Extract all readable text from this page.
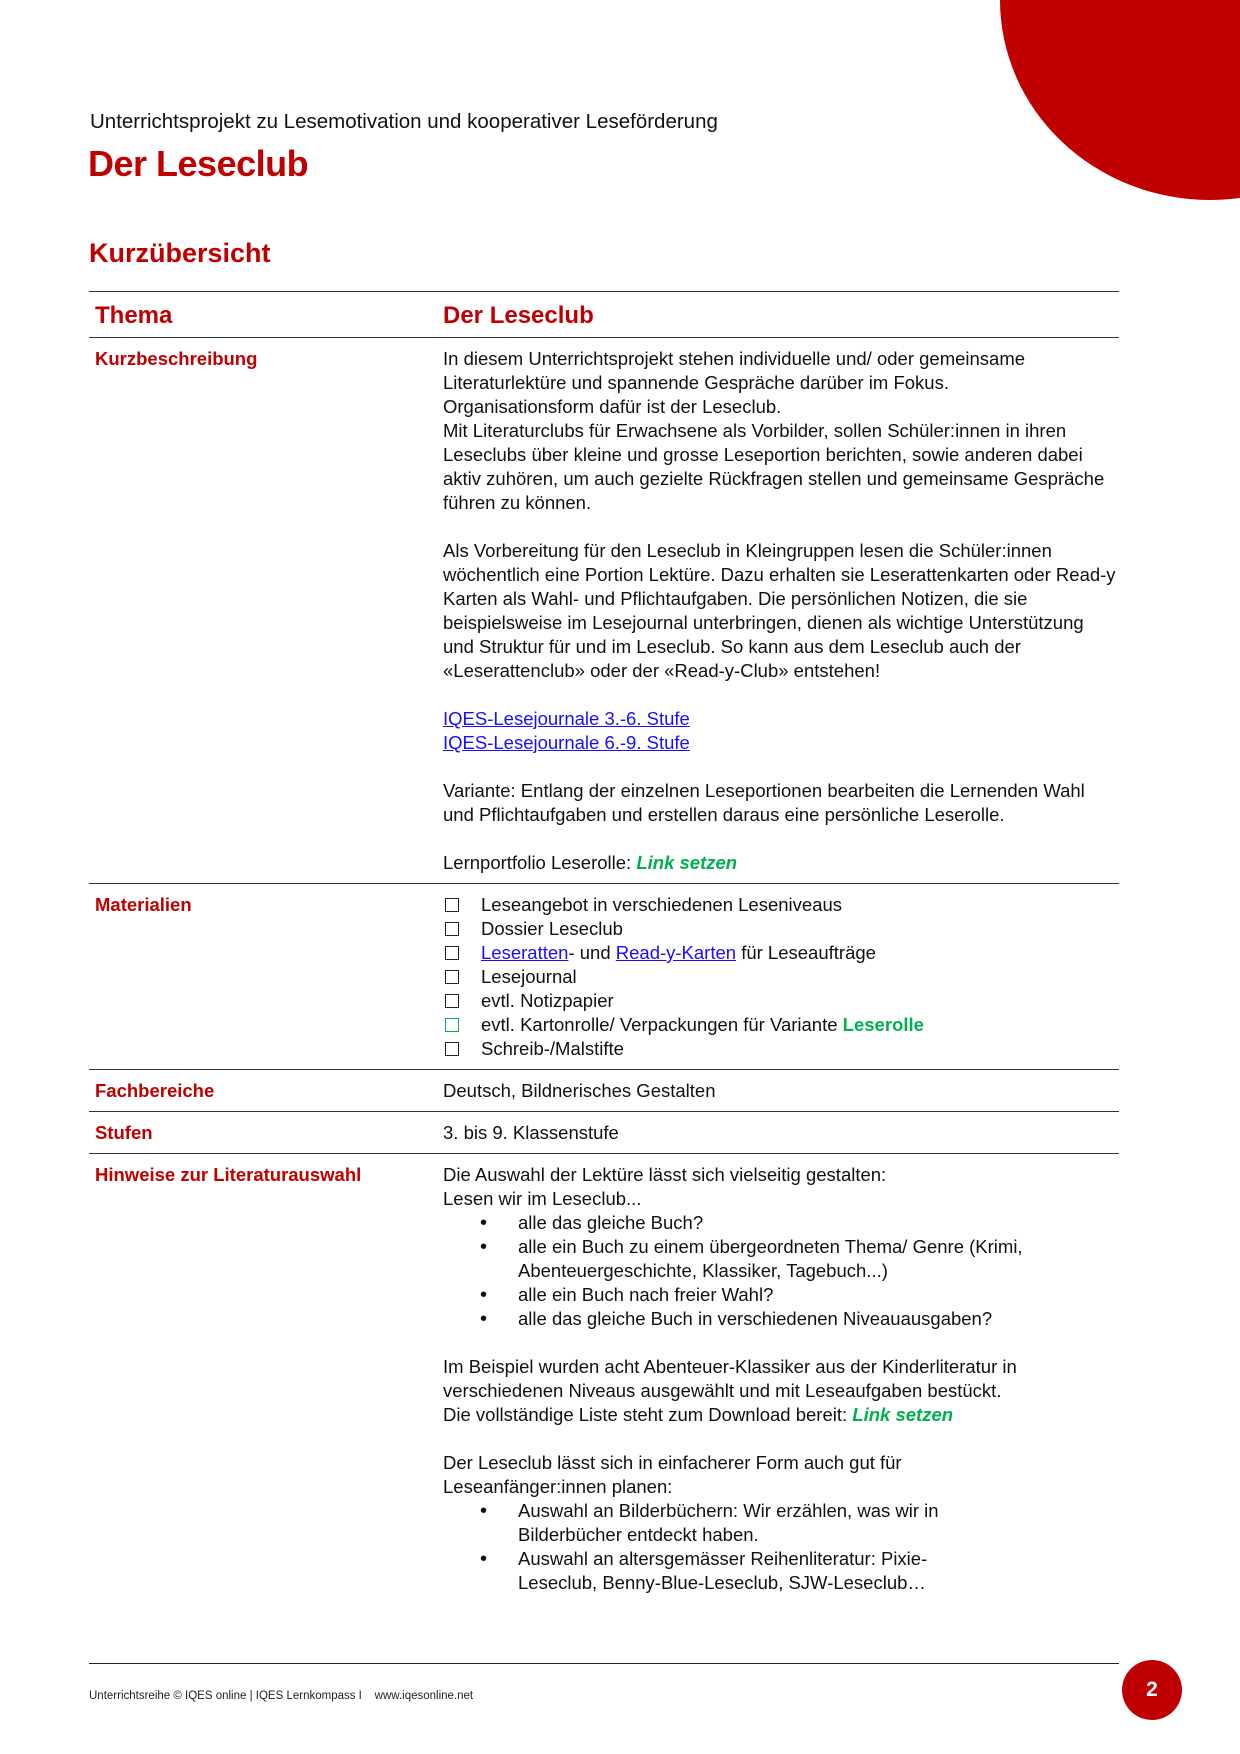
Unterrichtsprojekt zu Lesemotivation und kooperativer Leseförderung
Der Leseclub
Kurzübersicht
Thema	Der Leseclub
Kurzbeschreibung	In diesem Unterrichtsprojekt stehen individuelle und/ oder gemeinsame

Literaturlektüre und spannende Gespräche darüber im Fokus.

Organisationsform dafür ist der Leseclub.

Mit Literaturclubs für Erwachsene als Vorbilder, sollen Schüler:innen in ihren Leseclubs über kleine und grosse Leseportion berichten, sowie anderen dabei aktiv zuhören, um auch gezielte Rückfragen stellen und gemeinsame Gespräche führen zu können.

Als Vorbereitung für den Leseclub in Kleingruppen lesen die Schüler:innen wöchentlich eine Portion Lektüre. Dazu erhalten sie Leserattenkarten oder Read-y Karten als Wahl- und Pflichtaufgaben. Die persönlichen Notizen, die sie beispielsweise im Lesejournal unterbringen, dienen als wichtige Unterstützung und Struktur für und im Leseclub. So kann aus dem Leseclub auch der «Leserattenclub» oder der «Read-y-Club» entstehen!

IQES-Lesejournale 3.-6. Stufe

IQES-Lesejournale 6.-9. Stufe

Variante: Entlang der einzelnen Leseportionen bearbeiten die Lernenden Wahl und Pflichtaufgaben und erstellen daraus eine persönliche Leserolle.

Lernportfolio Leserolle: Link setzen

Materialien	Leseangebot in verschiedenen Leseniveaus
Dossier Leseclub
Leseratten- und Read-y-Karten für Leseaufträge
Lesejournal
evtl. Notizpapier
evtl. Kartonrolle/ Verpackungen für Variante Leserolle
Schreib-/Malstifte
Fachbereiche	Deutsch, Bildnerisches Gestalten
Stufen	3. bis 9. Klassenstufe
Hinweise zur Literaturauswahl	Die Auswahl der Lektüre lässt sich vielseitig gestalten:

Lesen wir im Leseclub...

• alle das gleiche Buch?
• alle ein Buch zu einem übergeordneten Thema/ Genre (Krimi, Abenteuergeschichte, Klassiker, Tagebuch...)
• alle ein Buch nach freier Wahl?
• alle das gleiche Buch in verschiedenen Niveauausgaben?

Im Beispiel wurden acht Abenteuer-Klassiker aus der Kinderliteratur in verschiedenen Niveaus ausgewählt und mit Leseaufgaben bestückt.

Die vollständige Liste steht zum Download bereit: Link setzen

Der Leseclub lässt sich in einfacherer Form auch gut für Leseanfänger:innen planen:

• Auswahl an Bilderbüchern: Wir erzählen, was wir in Bilderbücher entdeckt haben.
• Auswahl an altersgemässer Reihenliteratur: Pixie-Leseclub, Benny-Blue-Leseclub, SJW-Leseclub…
Unterrichtsreihe © IQES online | IQES Lernkompass I    www.iqesonline.net	2
